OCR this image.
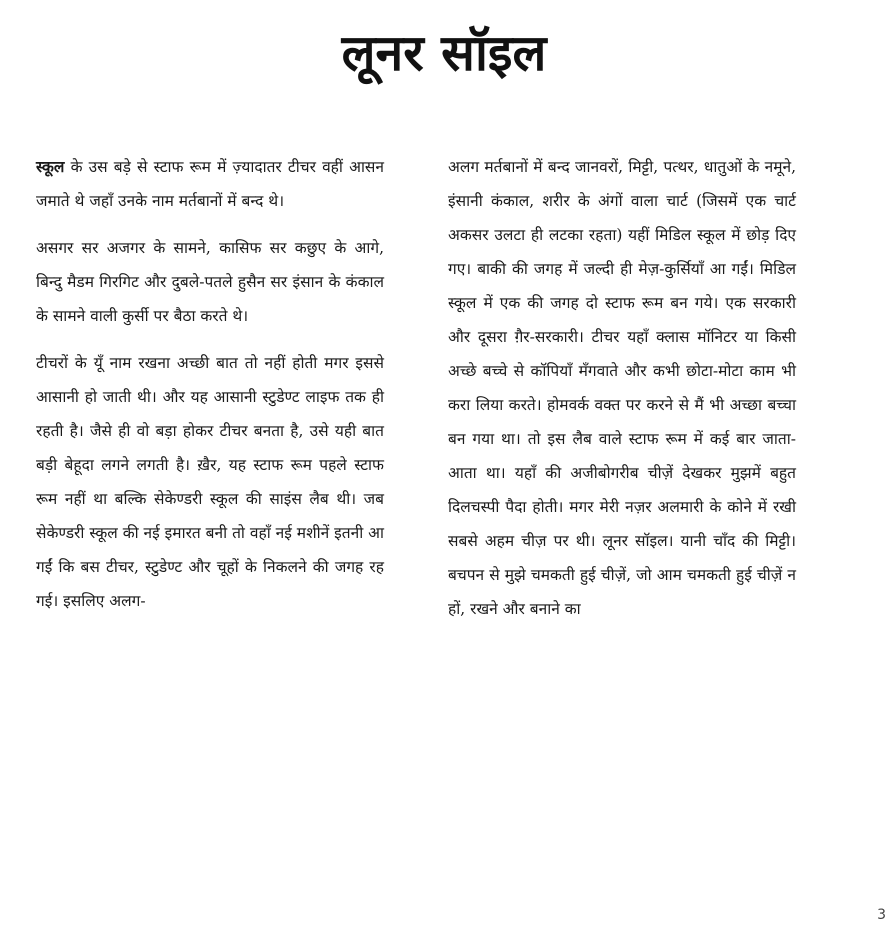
लूनर सॉइल

स्कूल के उस बड़े से स्टाफ रूम में ज़्यादातर टीचर वहीं आसन जमाते थे जहाँ उनके नाम मर्तबानों में बन्द थे।

असगर सर अजगर के सामने, कासिफ सर कछुए के आगे, बिन्दु मैडम गिरगिट और दुबले-पतले हुसैन सर इंसान के कंकाल के सामने वाली कुर्सी पर बैठा करते थे।

टीचरों के यूँ नाम रखना अच्छी बात तो नहीं होती मगर इससे आसानी हो जाती थी। और यह आसानी स्टुडेण्ट लाइफ तक ही रहती है। जैसे ही वो बड़ा होकर टीचर बनता है, उसे यही बात बड़ी बेहूदा लगने लगती है। ख़ैर, यह स्टाफ रूम पहले स्टाफ रूम नहीं था बल्कि सेकेण्डरी स्कूल की साइंस लैब थी। जब सेकेण्डरी स्कूल की नई इमारत बनी तो वहाँ नई मशीनें इतनी आ गईं कि बस टीचर, स्टुडेण्ट और चूहों के निकलने की जगह रह गई। इसलिए अलग-

अलग मर्तबानों में बन्द जानवरों, मिट्टी, पत्थर, धातुओं के नमूने, इंसानी कंकाल, शरीर के अंगों वाला चार्ट (जिसमें एक चार्ट अकसर उलटा ही लटका रहता) यहीं मिडिल स्कूल में छोड़ दिए गए। बाकी की जगह में जल्दी ही मेज़-कुर्सियाँ आ गईं। मिडिल स्कूल में एक की जगह दो स्टाफ रूम बन गये। एक सरकारी और दूसरा ग़ैर-सरकारी। टीचर यहाँ क्लास मॉनिटर या किसी अच्छे बच्चे से कॉपियाँ मँगवाते और कभी छोटा-मोटा काम भी करा लिया करते। होमवर्क वक्त पर करने से मैं भी अच्छा बच्चा बन गया था। तो इस लैब वाले स्टाफ रूम में कई बार जाता-आता था। यहाँ की अजीबोगरीब चीज़ें देखकर मुझमें बहुत दिलचस्पी पैदा होती। मगर मेरी नज़र अलमारी के कोने में रखी सबसे अहम चीज़ पर थी। लूनर सॉइल। यानी चाँद की मिट्टी। बचपन से मुझे चमकती हुई चीज़ें, जो आम चमकती हुई चीज़ें न हों, रखने और बनाने का

3
